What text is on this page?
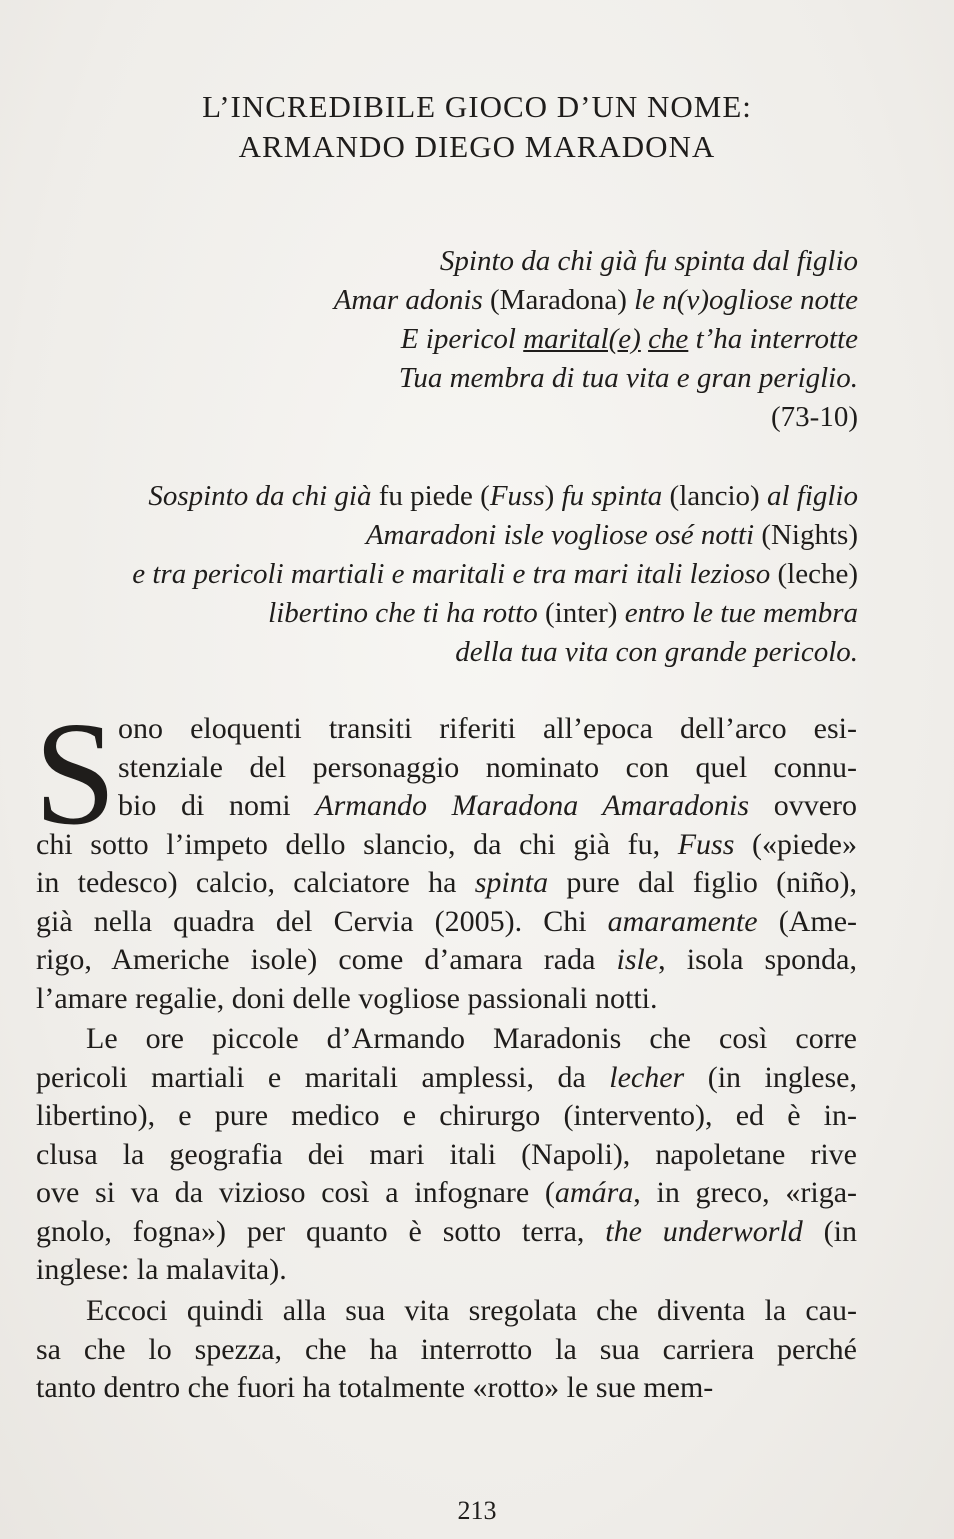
L’INCREDIBILE GIOCO D’UN NOME:
ARMANDO DIEGO MARADONA
Spinto da chi già fu spinta dal figlio
Amar adonis (Maradona) le n(v)ogliose notte
E ipericol marital(e) che t’ha interrotte
Tua membra di tua vita e gran periglio.
(73-10)
Sospinto da chi già fu piede (Fuss) fu spinta (lancio) al figlio
Amaradoni isle vogliose osé notti (Nights)
e tra pericoli martiali e maritali e tra mari itali lezioso (leche)
libertino che ti ha rotto (inter) entro le tue membra
della tua vita con grande pericolo.
S ono eloquenti transiti riferiti all’epoca dell’arco esi-
stenziale del personaggio nominato con quel connu-
bio di nomi Armando Maradona Amaradonis ovvero
chi sotto l’impeto dello slancio, da chi già fu, Fuss («piede»
in tedesco) calcio, calciatore ha spinta pure dal figlio (niño),
già nella quadra del Cervia (2005). Chi amaramente (Ame-
rigo, Americhe isole) come d’amara rada isle, isola sponda,
l’amare regalie, doni delle vogliose passionali notti.
Le ore piccole d’Armando Maradonis che così corre
pericoli martiali e maritali amplessi, da lecher (in inglese,
libertino), e pure medico e chirurgo (intervento), ed è in-
clusa la geografia dei mari itali (Napoli), napoletane rive
ove si va da vizioso così a infognare (amára, in greco, «riga-
gnolo, fogna») per quanto è sotto terra, the underworld (in
inglese: la malavita).
Eccoci quindi alla sua vita sregolata che diventa la cau-
sa che lo spezza, che ha interrotto la sua carriera perché
tanto dentro che fuori ha totalmente «rotto» le sue mem-
213
